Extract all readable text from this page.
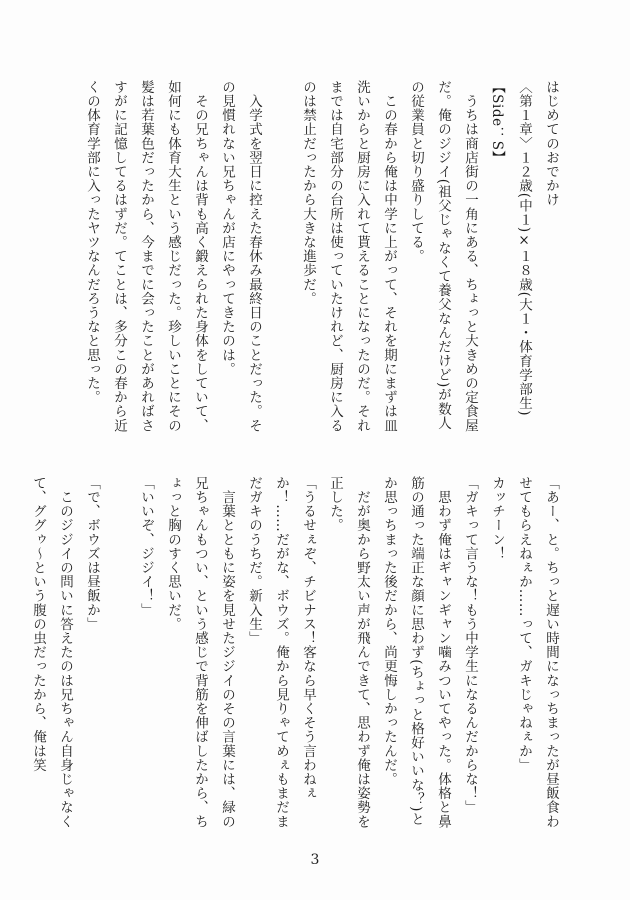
はじめてのおでかけ

〈第１章〉１２歳(中１)×１８歳(大１・体育学部生)

【Side：S】

　うちは商店街の一角にある、ちょっと大きめの定食屋だ。俺のジジイ(祖父じゃなくて養父なんだけど)が数人の従業員と切り盛りしてる。

　この春から俺は中学に上がって、それを期にまずは皿洗いからと厨房に入れて貰えることになったのだ。それまでは自宅部分の台所は使っていたけれど、厨房に入るのは禁止だったから大きな進歩だ。

　入学式を翌日に控えた春休み最終日のことだった。その見慣れない兄ちゃんが店にやってきたのは。

　その兄ちゃんは背も高く鍛えられた身体をしていて、如何にも体育大生という感じだった。珍しいことにその髪は若葉色だったから、今までに会ったことがあればさすがに記憶してるはずだ。てことは、多分この春から近くの体育学部に入ったヤツなんだろうなと思った。

「あー、と。ちっと遅い時間になっちまったが昼飯食わせてもらえねぇか……って、ガキじゃねぇか」

カッチーン！

「ガキって言うな！もう中学生になるんだからな！」

　思わず俺はギャンギャン噛みついてやった。体格と鼻筋の通った端正な顔に思わず(ちょっと格好いいな？)とか思っちまった後だから、尚更悔しかったんだ。

　だが奥から野太い声が飛んできて、思わず俺は姿勢を正した。

「うるせぇぞ、チビナス！客なら早くそう言わねぇか！……だがな、ボウズ。俺から見りゃてめぇもまだまだガキのうちだ。新入生」

　言葉とともに姿を見せたジジイのその言葉には、緑の兄ちゃんもつい、という感じで背筋を伸ばしたから、ちょっと胸のすく思いだ。

「いいぞ、ジジイ！」

「で、ボウズは昼飯か」

　このジジイの問いに答えたのは兄ちゃん自身じゃなくて、ググゥ～という腹の虫だったから、俺は笑

3
